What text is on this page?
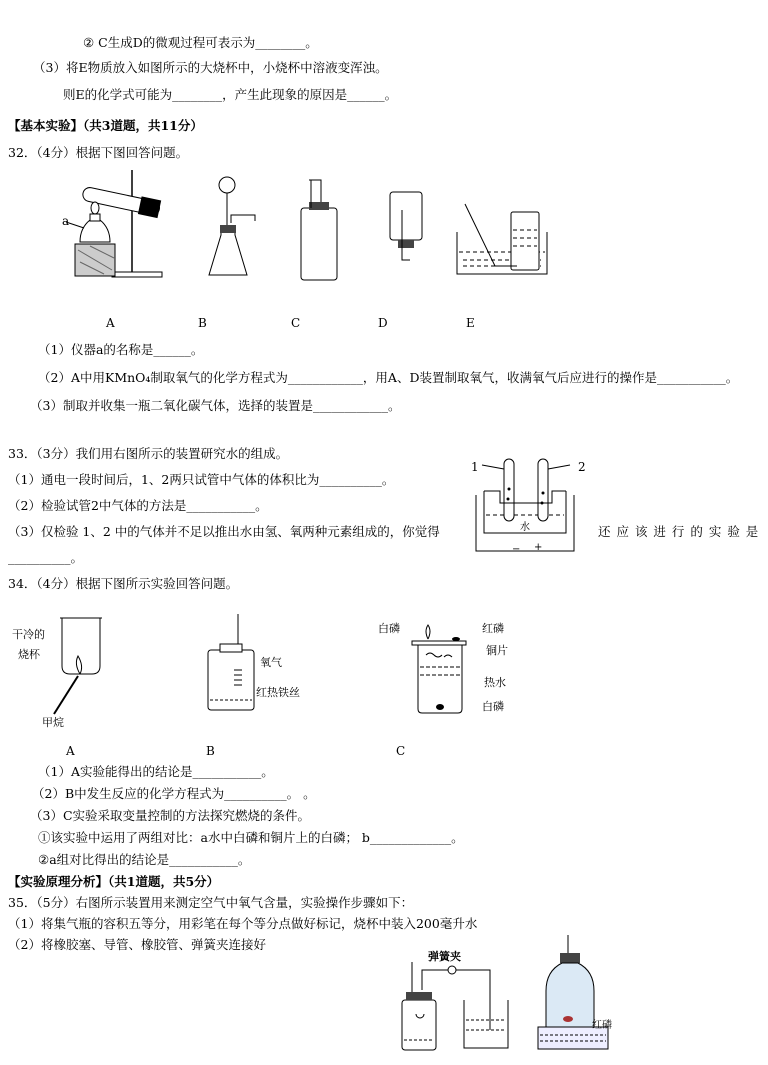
② C生成D的微观过程可表示为________。
（3）将E物质放入如图所示的大烧杯中，小烧杯中溶液变浑浊。
则E的化学式可能为________，产生此现象的原因是______。
【基本实验】（共3道题，共11分）
32．（4分）根据下图回答问题。
a
A	B	C	D	E
（1）仪器a的名称是______。
（2）A中用KMnO₄制取氧气的化学方程式为____________，用A、D装置制取氧气，收满氧气后应进行的操作是___________。
（3）制取并收集一瓶二氧化碳气体，选择的装置是____________。
33．（3分）我们用右图所示的装置研究水的组成。
（1）通电一段时间后，1、2两只试管中气体的体积比为__________。
（2）检验试管2中气体的方法是___________。
（3）仅检验 1、2 中的气体并不足以推出水由氢、氧两种元素组成的，你觉得	还 应 该 进 行 的 实 验 是
__________。
1	2
水
− +
34．（4分）根据下图所示实验回答问题。
干冷的
烧杯
甲烷
氧气
红热铁丝
白磷	红磷
铜片
热水
白磷
A	B	C
（1）A实验能得出的结论是___________。
（2）B中发生反应的化学方程式为__________。 。
（3）C实验采取变量控制的方法探究燃烧的条件。
①该实验中运用了两组对比：a水中白磷和铜片上的白磷； b_____________。
②a组对比得出的结论是___________。
【实验原理分析】（共1道题，共5分）
35．（5分）右图所示装置用来测定空气中氧气含量，实验操作步骤如下：
（1）将集气瓶的容积五等分，用彩笔在每个等分点做好标记，烧杯中装入200毫升水
（2）将橡胶塞、导管、橡胶管、弹簧夹连接好
弹簧夹
红磷
